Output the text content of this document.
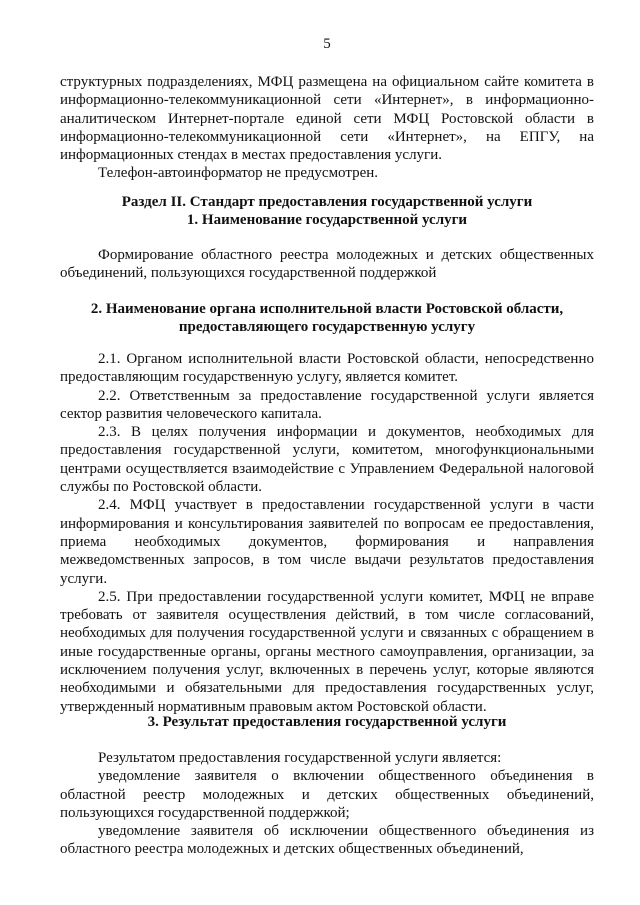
5

структурных подразделениях, МФЦ размещена на официальном сайте комитета в информационно-телекоммуникационной сети «Интернет», в информационно-аналитическом Интернет-портале единой сети МФЦ Ростовской области в информационно-телекоммуникационной сети «Интернет», на ЕПГУ, на информационных стендах в местах предоставления услуги.

Телефон-автоинформатор не предусмотрен.

Раздел II. Стандарт предоставления государственной услуги

1. Наименование государственной услуги

Формирование областного реестра молодежных и детских общественных объединений, пользующихся государственной поддержкой

2. Наименование органа исполнительной власти Ростовской области,

предоставляющего государственную услугу

2.1. Органом исполнительной власти Ростовской области, непосредственно предоставляющим государственную услугу, является комитет.

2.2. Ответственным за предоставление государственной услуги является сектор развития человеческого капитала.

2.3. В целях получения информации и документов, необходимых для предоставления государственной услуги, комитетом, многофункциональными центрами осуществляется взаимодействие с Управлением Федеральной налоговой службы по Ростовской области.

2.4. МФЦ участвует в предоставлении государственной услуги в части информирования и консультирования заявителей по вопросам ее предоставления, приема необходимых документов, формирования и направления межведомственных запросов, в том числе выдачи результатов предоставления услуги.

2.5. При предоставлении государственной услуги комитет, МФЦ не вправе требовать от заявителя осуществления действий, в том числе согласований, необходимых для получения государственной услуги и связанных с обращением в иные государственные органы, органы местного самоуправления, организации, за исключением получения услуг, включенных в перечень услуг, которые являются необходимыми и обязательными для предоставления государственных услуг, утвержденный нормативным правовым актом Ростовской области.

3. Результат предоставления государственной услуги

Результатом предоставления государственной услуги является:

уведомление заявителя о включении общественного объединения в областной реестр молодежных и детских общественных объединений, пользующихся государственной поддержкой;

уведомление заявителя об исключении общественного объединения из областного реестра молодежных и детских общественных объединений,
